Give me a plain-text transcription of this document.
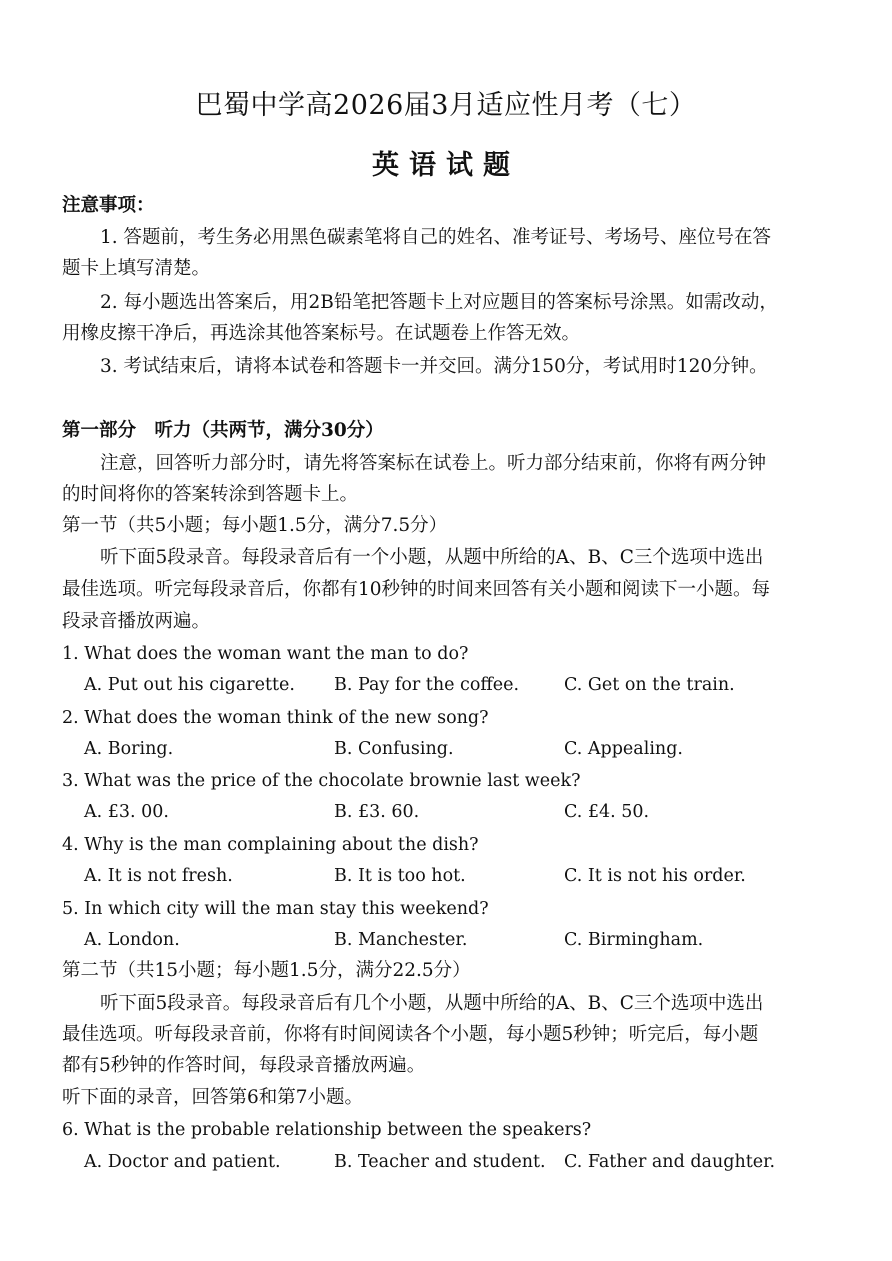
巴蜀中学高2026届3月适应性月考（七）
英语试题
注意事项：
1. 答题前，考生务必用黑色碳素笔将自己的姓名、准考证号、考场号、座位号在答
题卡上填写清楚。
2. 每小题选出答案后，用2B铅笔把答题卡上对应题目的答案标号涂黑。如需改动，
用橡皮擦干净后，再选涂其他答案标号。在试题卷上作答无效。
3. 考试结束后，请将本试卷和答题卡一并交回。满分150分，考试用时120分钟。
第一部分　听力（共两节，满分30分）
注意，回答听力部分时，请先将答案标在试卷上。听力部分结束前，你将有两分钟
的时间将你的答案转涂到答题卡上。
第一节（共5小题；每小题1.5分，满分7.5分）
听下面5段录音。每段录音后有一个小题，从题中所给的A、B、C三个选项中选出
最佳选项。听完每段录音后，你都有10秒钟的时间来回答有关小题和阅读下一小题。每
段录音播放两遍。
1. What does the woman want the man to do?
A. Put out his cigarette. B. Pay for the coffee.	C. Get on the train.
2. What does the woman think of the new song?
A. Boring.	B. Confusing.	C. Appealing.
3. What was the price of the chocolate brownie last week?
A. £3. 00.	B. £3. 60.	C. £4. 50.
4. Why is the man complaining about the dish?
A. It is not fresh.	B. It is too hot.	C. It is not his order.
5. In which city will the man stay this weekend?
A. London.	B. Manchester.	C. Birmingham.
第二节（共15小题；每小题1.5分，满分22.5分）
听下面5段录音。每段录音后有几个小题，从题中所给的A、B、C三个选项中选出
最佳选项。听每段录音前，你将有时间阅读各个小题，每小题5秒钟；听完后，每小题
都有5秒钟的作答时间，每段录音播放两遍。
听下面的录音，回答第6和第7小题。
6. What is the probable relationship between the speakers?
A. Doctor and patient.	B. Teacher and student. C. Father and daughter.
